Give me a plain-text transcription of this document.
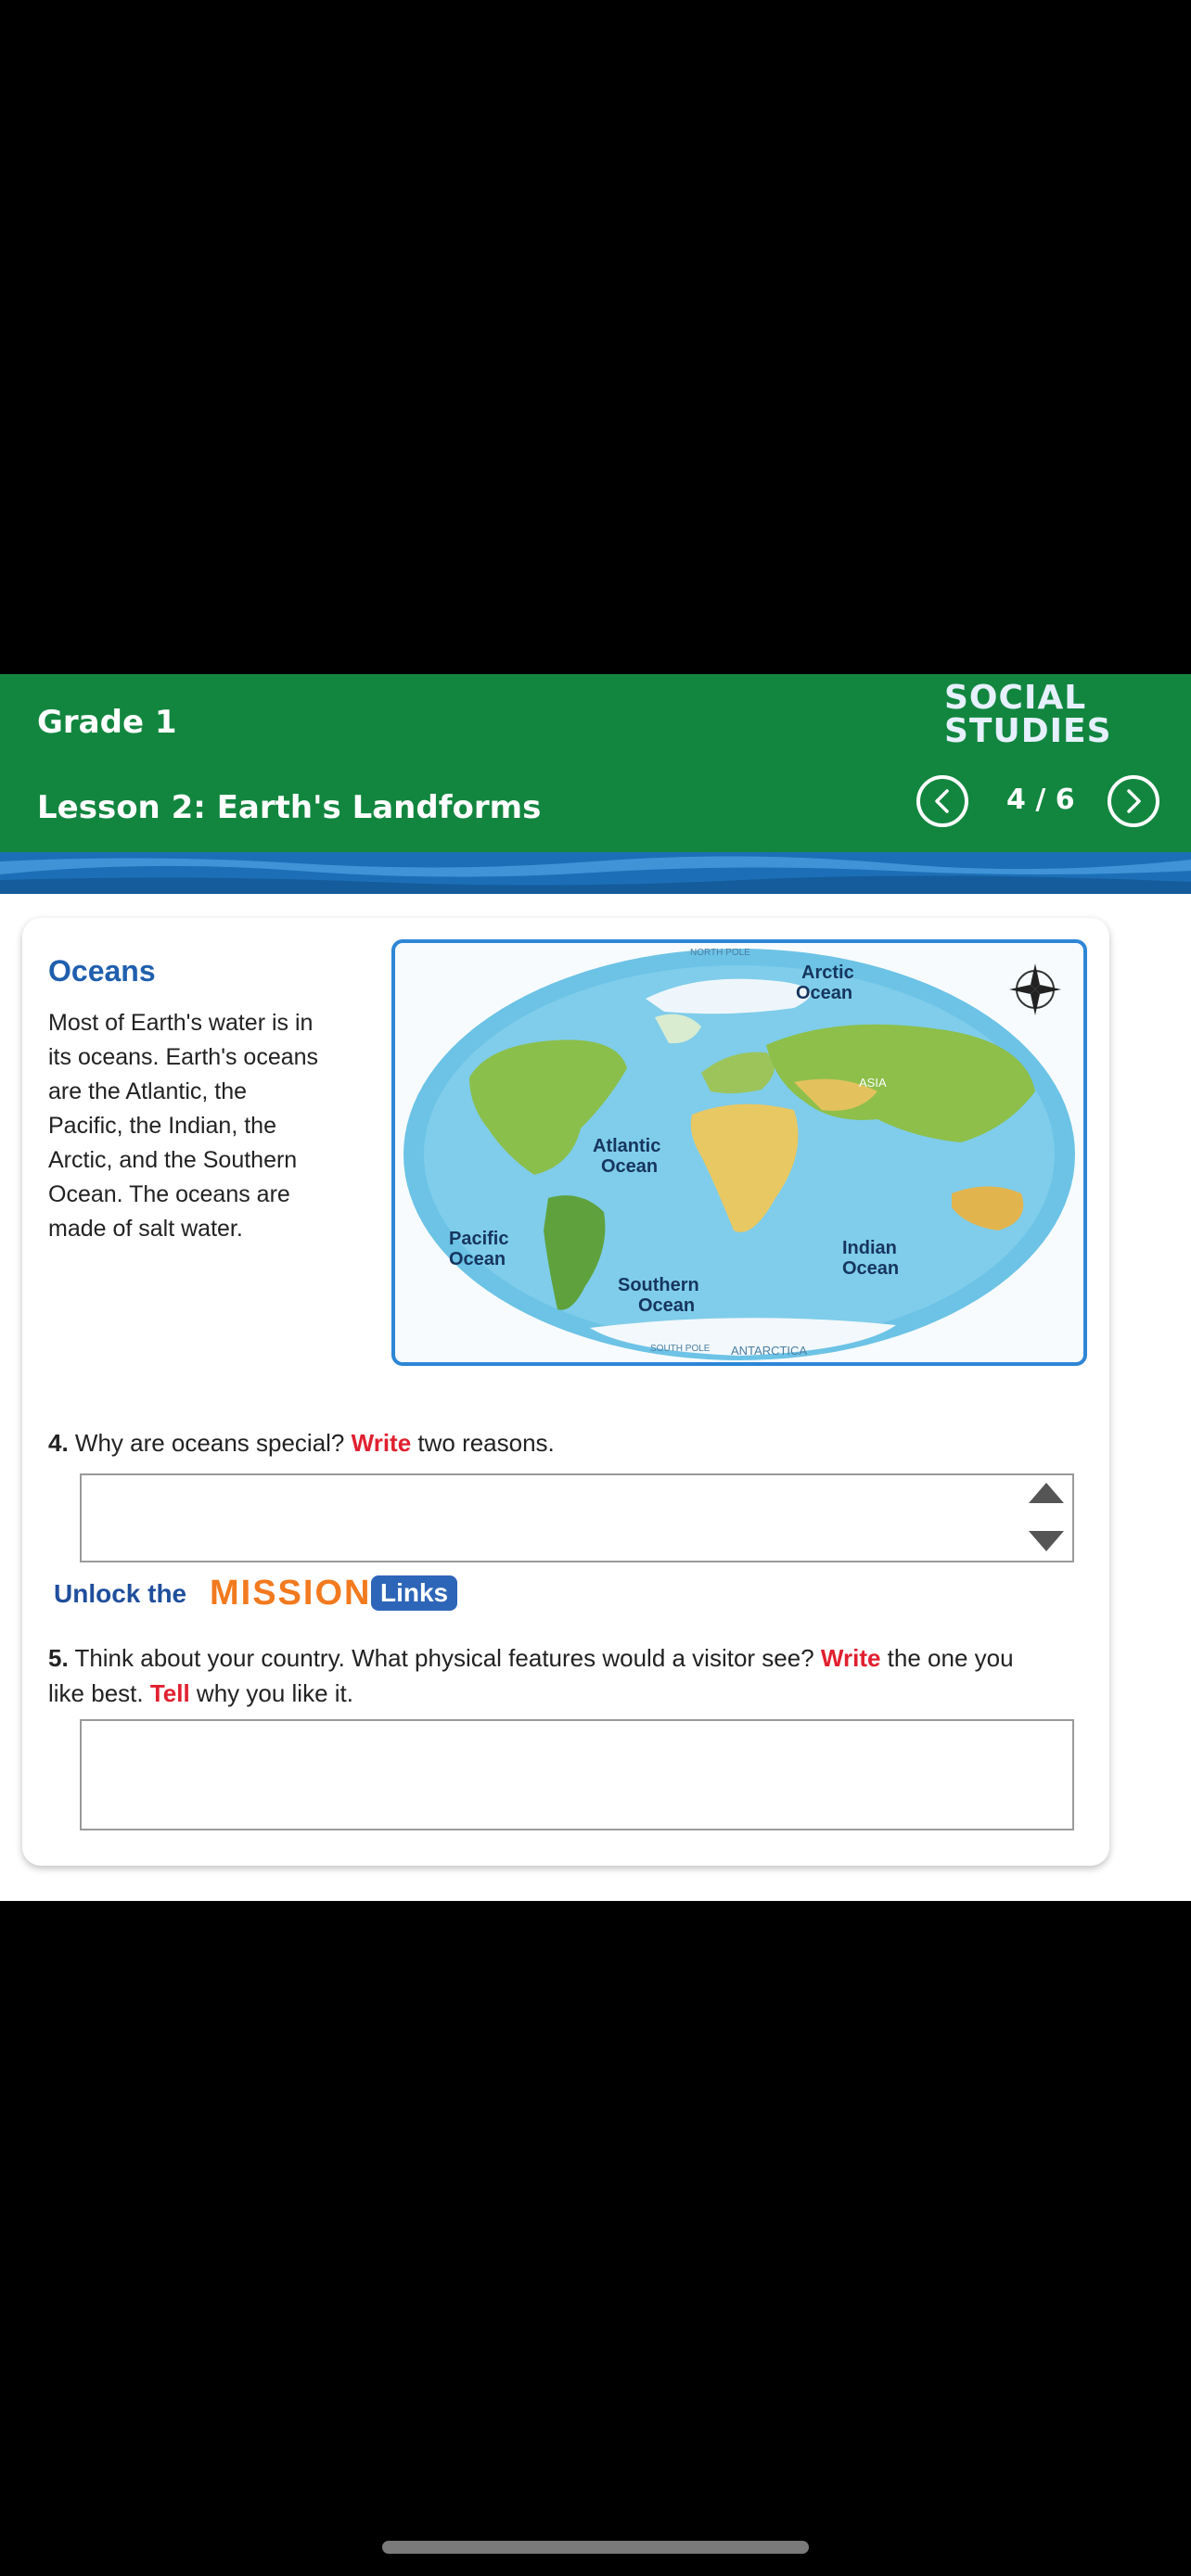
Grade 1
Lesson 2: Earth's Landforms
SOCIAL
STUDIES
4 / 6
Oceans
Most of Earth's water is in its oceans. Earth's oceans are the Atlantic, the Pacific, the Indian, the Arctic, and the Southern Ocean. The oceans are made of salt water.
Arctic
Ocean
Atlantic
Ocean
Pacific
Ocean
Indian
Ocean
Southern
Ocean
ANTARCTICA
ASIA
NORTH POLE
SOUTH POLE
4. Why are oceans special? Write two reasons.
Unlock the MISSION Links
5. Think about your country. What physical features would a visitor see? Write the one you like best. Tell why you like it.
